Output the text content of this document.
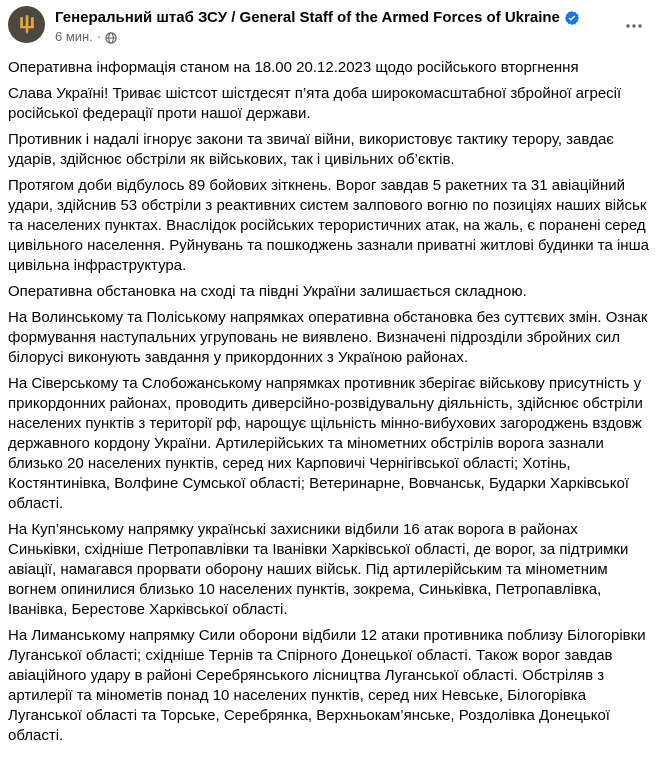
Генеральний штаб ЗСУ / General Staff of the Armed Forces of Ukraine
6 мин. ·

Оперативна інформація станом на 18.00 20.12.2023 щодо російського вторгнення

Слава Україні! Триває шістсот шістдесят п’ята доба широкомасштабної збройної агресії російської федерації проти нашої держави.

Противник і надалі ігнорує закони та звичаї війни, використовує тактику терору, завдає ударів, здійснює обстріли як військових, так і цивільних об’єктів.

Протягом доби відбулось 89 бойових зіткнень. Ворог завдав 5 ракетних та 31 авіаційний удари, здійснив 53 обстріли з реактивних систем залпового вогню по позиціях наших військ та населених пунктах. Внаслідок російських терористичних атак, на жаль, є поранені серед цивільного населення. Руйнувань та пошкоджень зазнали приватні житлові будинки та інша цивільна інфраструктура.

Оперативна обстановка на сході та півдні України залишається складною.

На Волинському та Поліському напрямках оперативна обстановка без суттєвих змін. Ознак формування наступальних угруповань не виявлено. Визначені підрозділи збройних сил білорусі виконують завдання у прикордонних з Україною районах.

На Сіверському та Слобожанському напрямках противник зберігає військову присутність у прикордонних районах, проводить диверсійно-розвідувальну діяльність, здійснює обстріли населених пунктів з території рф, нарощує щільність мінно-вибухових загороджень вздовж державного кордону України. Артилерійських та мінометних обстрілів ворога зазнали близько 20 населених пунктів, серед них Карповичі Чернігівської області; Хотінь, Костянтинівка, Волфине Сумської області; Ветеринарне, Вовчанськ, Бударки Харківської області.

На Куп’янському напрямку українські захисники відбили 16 атак ворога в районах Синьківки, східніше Петропавлівки та Іванівки Харківської області, де ворог, за підтримки авіації, намагався прорвати оборону наших військ. Під артилерійським та мінометним вогнем опинилися близько 10 населених пунктів, зокрема, Синьківка, Петропавлівка, Іванівка, Берестове Харківської області.

На Лиманському напрямку Сили оборони відбили 12 атаки противника поблизу Білогорівки Луганської області; східніше Тернів та Спірного Донецької області. Також ворог завдав авіаційного удару в районі Серебрянського лісництва Луганської області. Обстріляв з артилерії та мінометів понад 10 населених пунктів, серед них Невське, Білогорівка Луганської області та Торське, Серебрянка, Верхньокам’янське, Роздолівка Донецької області.
